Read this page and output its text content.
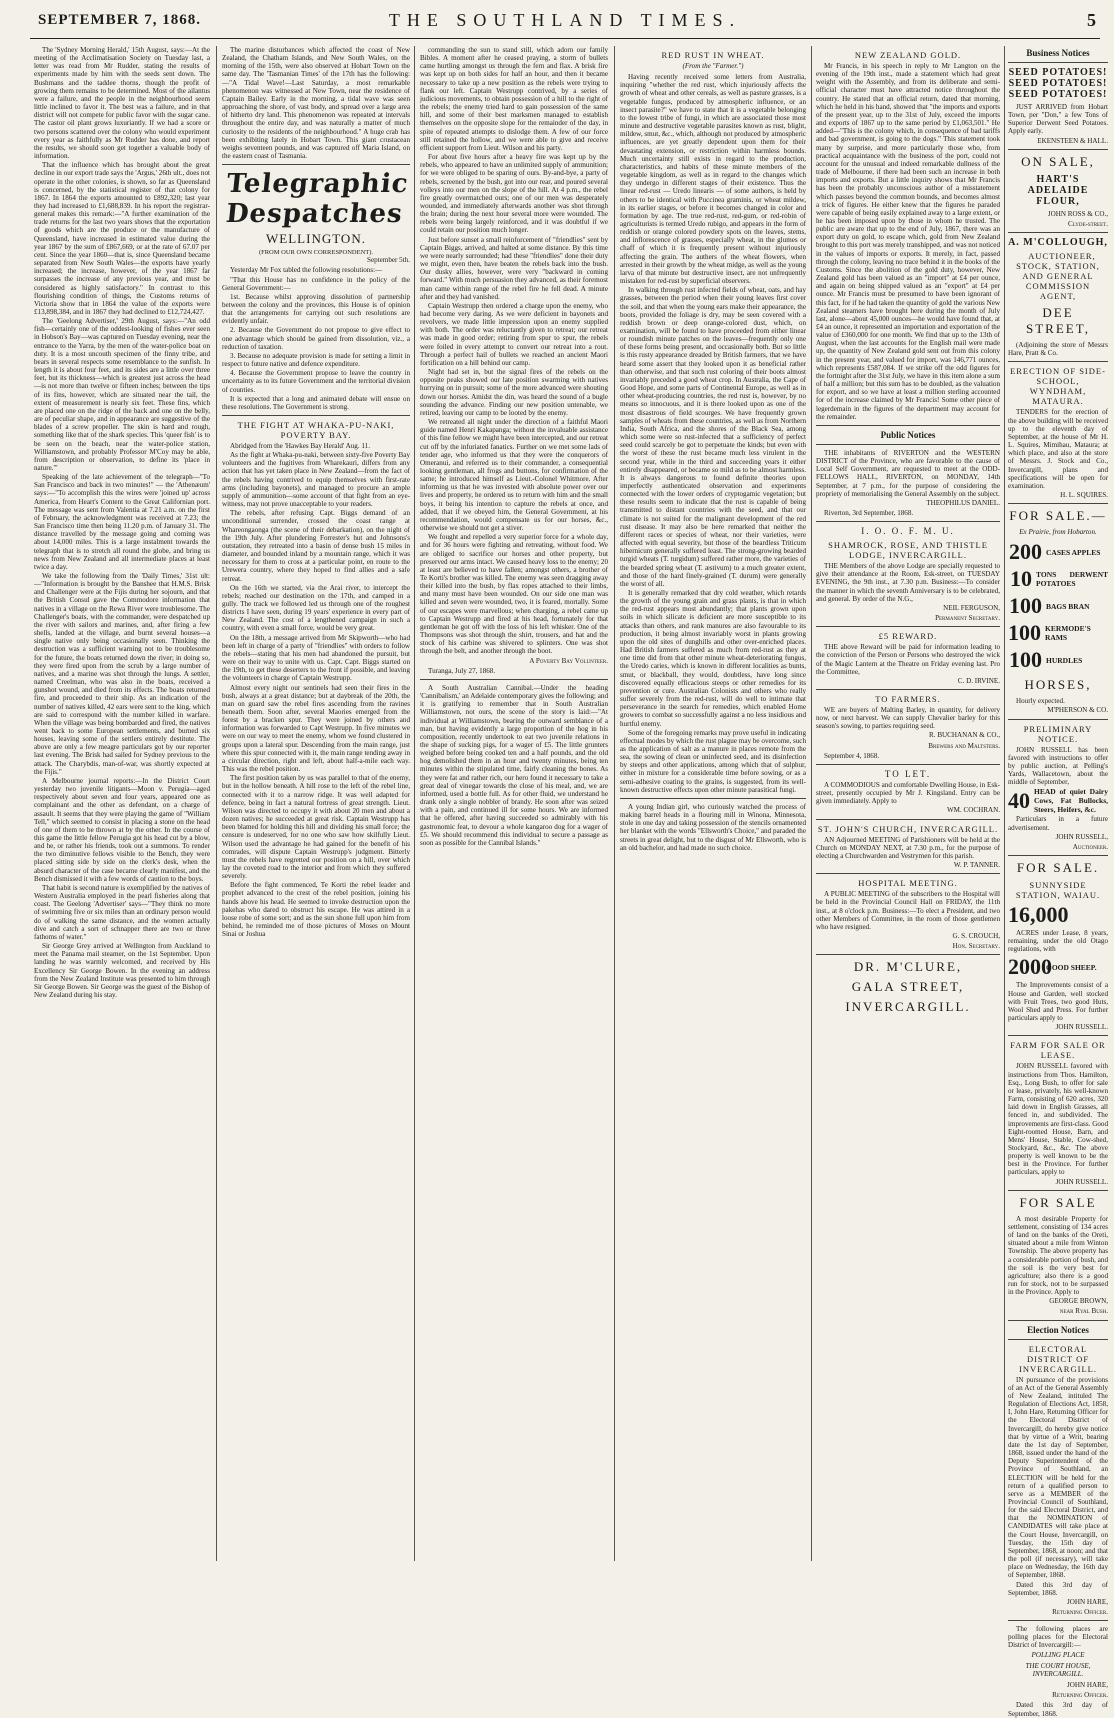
SEPTEMBER 7, 1868.	THE SOUTHLAND TIMES.	5

The 'Sydney Morning Herald,' 15th August, says:—At the meeting of the Acclimatisation Society on Tuesday last, a letter was read from Mr Rudder, stating the results of experiments made by him with the seeds sent down. The Bushmans and the taddee thorns, though the profit of growing them remains to be determined. Most of the ailantus were a failure, and the people in the neighbourhood seem little inclined to favor it. The best was a failure, and in that district will not compete for public favor with the sugar cane. The castor oil plant grows luxuriantly. If we had a score or two persons scattered over the colony who would experiment every year as faithfully as Mr Rudder has done, and report the results, we should soon get together a valuable body of information.

That the influence which has brought about the great decline in our export trade says the 'Argus,' 26th ult., does not operate in the other colonies, is shown, so far as Queensland is concerned, by the statistical register of that colony for 1867. In 1864 the exports amounted to £892,320; last year they had increased to £1,688,839. In his report the registrar-general makes this remark:—"A further examination of the trade returns for the last two years shows that the exportation of goods which are the produce or the manufacture of Queensland, have increased in estimated value during the year 1867 by the sum of £867,669, or at the rate of 67.07 per cent. Since the year 1860—that is, since Queensland became separated from New South Wales—the exports have yearly increased; the increase, however, of the year 1867 far surpasses the increase of any previous year, and must be considered as highly satisfactory." In contrast to this flourishing condition of things, the Customs returns of Victoria show that in 1864 the value of the exports were £13,898,384, and in 1867 they had declined to £12,724,427.

The 'Geelong Advertiser,' 29th August, says:—"An odd fish—certainly one of the oddest-looking of fishes ever seen in Hobson's Bay—was captured on Tuesday evening, near the entrance to the Yarra, by the men of the water-police boat on duty. It is a most uncouth specimen of the finny tribe, and bears in several respects some resemblance to the sunfish. In length it is about four feet, and its sides are a little over three feet, but its thickness—which is greatest just across the head—is not more than twelve or fifteen inches; between the tips of its fins, however, which are situated near the tail, the extent of measurement is nearly six feet. These fins, which are placed one on the ridge of the back and one on the belly, are of peculiar shape, and in appearance are suggestive of the blades of a screw propeller. The skin is hard and rough, something like that of the shark species. This 'queer fish' is to be seen on the beach, near the water-police station, Williamstown, and probably Professor M'Coy may be able, from description or observation, to define its 'place in nature.'"

Speaking of the late achievement of the telegraph—"To San Francisco and back in two minutes!" — the 'Athenæum' says:—"To accomplish this the wires were 'joined up' across America, from Heart's Content to the Great Californian port. The message was sent from Valentia at 7.21 a.m. on the first of February, the acknowledgment was received at 7.23; the San Francisco time then being 11.20 p.m. of January 31. The distance travelled by the message going and coming was about 14,000 miles. This is a large instalment towards the telegraph that is to stretch all round the globe, and bring us news from New Zealand and all intermediate places at least twice a day.

We take the following from the 'Daily Times,' 31st ult:—"Information is brought by the Banshee that H.M.S. Brisk and Challenger were at the Fijis during her sojourn, and that the British Consul gave the Commodore information that natives in a village on the Rewa River were troublesome. The Challenger's boats, with the commander, were despatched up the river with sailors and marines, and, after firing a few shells, landed at the village, and burnt several houses—a single native only being occasionally seen. Thinking the destruction was a sufficient warning not to be troublesome for the future, the boats returned down the river; in doing so, they were fired upon from the scrub by a large number of natives, and a marine was shot through the lungs. A settler, named Creelman, who was also in the boats, received a gunshot wound, and died from its effects. The boats returned fire, and proceeded to their ship. As an indication of the number of natives killed, 42 ears were sent to the king, which are said to correspond with the number killed in warfare. When the village was being bombarded and fired, the natives went back to some European settlements, and burned six houses, leaving some of the settlers entirely destitute. The above are only a few meagre particulars got by our reporter last evening. The Brisk had sailed for Sydney previous to the attack. The Charybdis, man-of-war, was shortly expected at the Fijis."

A Melbourne journal reports:—In the District Court yesterday two juvenile litigants—Moon v. Perugia—aged respectively about seven and four years, appeared one as complainant and the other as defendant, on a charge of assault. It seems that they were playing the game of "William Tell," which seemed to consist in placing a stone on the head of one of them to be thrown at by the other. In the course of this game the little fellow Perugia got his head cut by a blow, and he, or rather his friends, took out a summons. To render the two diminutive fellows visible to the Bench, they were placed sitting side by side on the clerk's desk, when the absurd character of the case became clearly manifest, and the Bench dismissed it with a few words of caution to the boys.

That habit is second nature is exemplified by the natives of Western Australia employed in the pearl fisheries along that coast. The Geelong 'Advertiser' says—"They think no more of swimming five or six miles than an ordinary person would do of walking the same distance, and the women actually dive and catch a sort of schnapper there are two or three fathoms of water."

Sir George Grey arrived at Wellington from Auckland to meet the Panama mail steamer, on the 1st September. Upon landing he was warmly welcomed, and received by His Excellency Sir George Bowen. In the evening an address from the New Zealand Institute was presented to him through Sir George Bowen. Sir George was the guest of the Bishop of New Zealand during his stay.

The marine disturbances which affected the coast of New Zealand, the Chatham Islands, and New South Wales, on the morning of the 15th, were also observed at Hobart Town on the same day. The 'Tasmanian Times' of the 17th has the following:—"A Tidal Wave!—Last Saturday, a most remarkable phenomenon was witnessed at New Town, near the residence of Captain Bailey. Early in the morning, a tidal wave was seen approaching the shore, of vast body, and spread over a large area of hitherto dry land. This phenomenon was repeated at intervals throughout the entire day, and was naturally a matter of much curiosity to the residents of the neighbourhood." A huge crab has been exhibiting lately in Hobart Town. This giant crustacean weighs seventeen pounds, and was captured off Maria Island, on the eastern coast of Tasmania.

Telegraphic Despatches
WELLINGTON.
(FROM OUR OWN CORRESPONDENT).
September 5th.

Yesterday Mr Fox tabled the following resolutions:—

"That this House has no confidence in the policy of the General Government:—

1st. Because whilst approving dissolution of partnership between the colony and the provinces, this House is of opinion that the arrangements for carrying out such resolutions are evidently unfair.

2. Because the Government do not propose to give effect to one advantage which should be gained from dissolution, viz., a reduction of taxation.

3. Because no adequate provision is made for setting a limit in respect to future native and defence expenditure.

4. Because the Government propose to leave the country in uncertainty as to its future Government and the territorial division of counties.

It is expected that a long and animated debate will ensue on these resolutions. The Government is strong.

THE FIGHT AT WHAKA-PU-NAKI, POVERTY BAY.

Abridged from the 'Hawkes Bay Herald' Aug. 11.

As the fight at Whaka-pu-naki, between sixty-five Poverty Bay volunteers and the fugitives from Wharekauri, differs from any action that has yet taken place in New Zealand—from the fact of the rebels having contrived to equip themselves with first-rate arms (including bayonets), and managed to procure an ample supply of ammunition—some account of that fight from an eye-witness, may not prove unacceptable to your readers.

The rebels, after refusing Capt. Biggs demand of an unconditional surrender, crossed the coast range at Whareongaonga (the scene of their debarkation), on the night of the 19th July. After plundering Forrester's hut and Johnsons's outstation, they retreated into a basin of dense bush 15 miles in diameter, and bounded inland by a mountain range, which it was necessary for them to cross at a particular point, en route to the Urewera country, where they hoped to find allies and a safe retreat.

On the 16th we started, via the Arai river, to intercept the rebels; reached our destination on the 17th, and camped in a gully. The track we followed led us through one of the roughest districts I have seen, during 19 years' experience in every part of New Zealand. The cost of a lengthened campaign in such a country, with even a small force, would be very great.

On the 18th, a message arrived from Mr Skipworth—who had been left in charge of a party of "friendlies" with orders to follow the rebels—stating that his men had abandoned the pursuit, but were on their way to unite with us. Capt. Capt. Biggs started on the 19th, to get these deserters to the front if possible, and leaving the volunteers in charge of Captain Westrupp.

Almost every night our sentinels had seen their fires in the bush, always at a great distance; but at daybreak of the 20th, the man on guard saw the rebel fires ascending from the ravines beneath them. Soon after, several Maories emerged from the forest by a bracken spur. They were joined by others and information was forwarded to Capt Westrupp. In five minutes we were on our way to meet the enemy, whom we found clustered in groups upon a lateral spur. Descending from the main range, just where this spur connected with it, the main range tending away in a circular direction, right and left, about half-a-mile each way. This was the rebel position.

The first position taken by us was parallel to that of the enemy, but in the hollow beneath. A hill rose to the left of the rebel line, connected with it to a narrow ridge. It was well adapted for defence, being in fact a natural fortress of great strength. Lieut. Wilson was directed to occupy it with about 20 men and about a dozen natives; he succeeded at great risk. Captain Westrupp has been blamed for holding this hill and dividing his small force; the censure is undeserved, for no one who saw how skilfully Lieut. Wilson used the advantage he had gained for the benefit of his comrades, will dispute Captain Westrupp's judgment. Bitterly must the rebels have regretted our position on a hill, over which lay the coveted road to the interior and from which they suffered severely.

Before the fight commenced, Te Korti the rebel leader and prophet advanced to the crest of the rebel position, joining his hands above his head. He seemed to invoke destruction upon the pakehas who dared to obstruct his escape. He was attired in a loose robe of some sort; and as the sun shone full upon him from behind, he reminded me of those pictures of Moses on Mount Sinai or Joshua

commanding the sun to stand still, which adorn our family Bibles. A moment after he ceased praying, a storm of bullets came hurtling amongst us through the fern and flax. A brisk fire was kept up on both sides for half an hour, and then it became necessary to take up a new position as the rebels were trying to flank our left. Captain Westrupp contrived, by a series of judicious movements, to obtain possession of a hill to the right of the rebels; the enemy tried hard to gain possession of the same hill, and some of their best marksmen managed to establish themselves on the opposite slope for the remainder of the day, in spite of repeated attempts to dislodge them. A few of our force still retained the hollow, and we were able to give and receive efficient support from Lieut. Wilson and his party.

For about five hours after a heavy fire was kept up by the rebels, who appeared to have an unlimited supply of ammunition; for we were obliged to be sparing of ours. By-and-bye, a party of rebels, screened by the bush, got into our rear, and poured several volleys into our men on the slope of the hill. At 4 p.m., the rebel fire greatly overmatched ours; one of our men was desperately wounded, and immediately afterwards another was shot through the brain; during the next hour several more were wounded. The rebels were being largely reinforced, and it was doubtful if we could retain our position much longer.

Just before sunset a small reinforcement of "friendlies" sent by Captain Biggs, arrived, and halted at some distance. By this time we were nearly surrounded; had these "friendlies" done their duty we might, even then, have beaten the rebels back into the bush. Our dusky allies, however, were very "backward in coming forward." With much persuasion they advanced, as their foremost man came within range of the rebel fire he fell dead. A minute after and they had vanished.

Captain Westrupp then ordered a charge upon the enemy, who had become very daring. As we were deficient in bayonets and revolvers, we made little impression upon an enemy supplied with both. The order was reluctantly given to retreat; our retreat was made in good order; retiring from spur to spur, the rebels were foiled in every attempt to convert our retreat into a rout. Through a perfect hail of bullets we reached an ancient Maori fortification on a hill behind our camp.

Night had set in, but the signal fires of the rebels on the opposite peaks showed our late position swarming with natives hurrying on in pursuit; some of the more advanced were shouting down our horses. Amidst the din, was heard the sound of a bugle sounding the advance. Finding our new position untenable, we retired, leaving our camp to be looted by the enemy.

We retreated all night under the direction of a faithful Maori guide named Henri Kakapanga; without the invaluable assistance of this fine fellow we might have been intercepted, and our retreat cut off by the infuriated fanatics. Further on we met some lads of tender age, who informed us that they were the conquerors of Omeranui, and referred us to their commander, a consequential looking gentleman, all frogs and buttons, for confirmation of the same; he introduced himself as Lieut.-Colonel Whitmore. After informing us that he was invested with absolute power over our lives and property, he ordered us to return with him and the small boys, it being his intention to capture the rebels at once, and added, that if we obeyed him, the General Government, at his recommendation, would compensate us for our horses, &c., otherwise we should not get a stiver.

We fought and repelled a very superior force for a whole day, and for 36 hours were fighting and retreating, without food. We are obliged to sacrifice our horses and other property, but preserved our arms intact. We caused heavy loss to the enemy; 20 at least are believed to have fallen; amongst others, a brother of Te Korti's brother was killed. The enemy was seen dragging away their killed into the bush, by flax ropes attached to their limbs, and many must have been wounded. On our side one man was killed and seven were wounded, two, it is feared, mortally. Some of our escapes were marvellous; when charging, a rebel came up to Captain Westrupp and fired at his head, fortunately for that gentleman he got off with the loss of his left whisker. One of the Thompsons was shot through the shirt, trousers, and hat and the stock of his carbine was shivered to splinters. One was shot through the belt, and another through the boot.

A Poverty Bay Volunteer.

Turanga, July 27, 1868.

A South Australian Cannibal.—Under the heading 'Cannibalism,' an Adelaide contemporary gives the following; and it is gratifying to remember that in South Australian Williamstown, not ours, the scene of the story is laid:—"At individual at Williamstown, bearing the outward semblance of a man, but having evidently a large proportion of the hog in his composition, recently undertook to eat two juvenile relations in the shape of sucking pigs, for a wager of £5. The little grunters weighed before being cooked ten and a half pounds, and the old hog demolished them in an hour and twenty minutes, being ten minutes within the stipulated time, fairly cleaning the bones. As they were fat and rather rich, our hero found it necessary to take a great deal of vinegar towards the close of his meal, and, we are informed, used a bottle full. As for other fluid, we understand he drank only a single nobbler of brandy. He soon after was seized with a pain, and continued ill for some hours. We are informed that he offered, after having succeeded so admirably with his gastronomic feat, to devour a whole kangaroo dog for a wager of £5. We should recommend this individual to secure a passage as soon as possible for the Cannibal Islands."

RED RUST IN WHEAT.
(From the "Farmer.")

Having recently received some letters from Australia, inquiring "whether the red rust, which injuriously affects the growth of wheat and other cereals, as well as pasture grasses, is a vegetable fungus, produced by atmospheric influence, or an insect parasite?" we have to state that it is a vegetable belonging to the lowest tribe of fungi, in which are associated those most minute and destructive vegetable parasites known as rust, blight, mildew, smut, &c., which, although not produced by atmospheric influences, are yet greatly dependent upon them for their devastating extension, or restriction within harmless bounds. Much uncertainty still exists in regard to the production, characteristics, and habits of these minute members of the vegetable kingdom, as well as in regard to the changes which they undergo in different stages of their existence. Thus the linear red-rust — Uredo linearis — of some authors, is held by others to be identical with Puccinea graminis, or wheat mildew, in its earlier stages, or before it becomes changed in color and formation by age. The true red-rust, red-gum, or red-robin of agriculturists is termed Uredo rubigo, and appears in the form of reddish or orange colored powdery spots on the leaves, stems, and inflorescence of grasses, especially wheat, in the glumes or chaff of which it is frequently present without injuriously affecting the grain. The authers of the wheat flowers, when arrested in their growth by the wheat midge, as well as the young larva of that minute but destructive insect, are not unfrequently mistaken for red-rust by superficial observers.

In walking through rust infected fields of wheat, oats, and hay grasses, between the period when their young leaves first cover the soil, and that when the young ears make their appearance, the boots, provided the foliage is dry, may be seen covered with a reddish brown or deep orange-colored dust, which, on examination, will be found to have proceeded from either linear or roundish minute patches on the leaves—frequently only one of these forms being present, and occasionally both. But so little is this rusty appearance dreaded by British farmers, that we have heard some assert that they looked upon it as beneficial rather than otherwise, and that such rust coloring of their boots almost invariably preceded a good wheat crop. In Australia, the Cape of Good Hope, and some parts of Continental Europe, as well as in other wheat-producing countries, the red rust is, however, by no means so innocuous, and it is there looked upon as one of the most disastrous of field scourges. We have frequently grown samples of wheats from these countries, as well as from Northern India, South Africa, and the shores of the Black Sea, among which some were so rust-infected that a sufficiency of perfect seed could scarcely be got to perpetuate the kinds; but even with the worst of these the rust became much less virulent in the second year, while in the third and succeeding years it either entirely disappeared, or became so mild as to be almost harmless. It is always dangerous to found definite theories upon imperfectly authenticated observation and experiments connected with the lower orders of cryptogamic vegetation; but these results seem to indicate that the rust is capable of being transmitted to distant countries with the seed, and that our climate is not suited for the malignant development of the red rust disease. It may also be here remarked that neither the different races or species of wheat, nor their varieties, were affected with equal severity, but those of the beardless Triticum hibernicum generally suffered least. The strong-growing bearded turgid wheats (T. turgidum) suffered rather more, the varieties of the bearded spring wheat (T. æstivum) to a much greater extent, and those of the hard finely-grained (T. durum) were generally the worst of all.

It is generally remarked that dry cold weather, which retards the growth of the young grain and grass plants, is that in which the red-rust appears most abundantly; that plants grown upon soils in which silicate is deficient are more susceptible to its attacks than others, and rank manures are also favourable to its production, it being almost invariably worst in plants growing upon the old sites of dunghills and other over-enriched places. Had British farmers suffered as much from red-rust as they at one time did from that other minute wheat-deteriorating fungus, the Uredo caries, which is known in different localities as bunts, smut, or blackball, they would, doubtless, have long since discovered equally efficacious steeps or other remedies for its prevention or cure. Australian Colonists and others who really suffer severely from the red-rust, will do well to intimate that perseverance in the search for remedies, which enabled Home growers to combat so successfully against a no less insidious and hurtful enemy.

Some of the foregoing remarks may prove useful in indicating effectual modes by which the rust plague may be overcome, such as the application of salt as a manure in places remote from the sea, the sowing of clean or uninfected seed, and its disinfection by steeps and other applications, among which that of sulphur, either in mixture for a considerable time before sowing, or as a semi-adhesive coating to the grains, is suggested, from its well-known destructive effects upon other minute parasitical fungi.

A young Indian girl, who curiously watched the process of making barrel heads in a flouring mill in Winona, Minnesota, stole in one day and taking possession of the stencils ornamented her blanket with the words "Ellsworth's Choice," and paraded the streets in great delight, but to the disgust of Mr Ellsworth, who is an old bachelor, and had made no such choice.

NEW ZEALAND GOLD.

Mr Francis, in his speech in reply to Mr Langton on the evening of the 19th inst., made a statement which had great weight with the Assembly, and from its deliberate and semi-official character must have attracted notice throughout the country. He stated that an official return, dated that morning, which he held in his hand, showed that "the imports and exports of the present year, up to the 31st of July, exceed the imports and exports of 1867 up to the same period by £1,063,501." He added—"This is the colony which, in consequence of bad tariffs and bad government, is going to the dogs." This statement took many by surprise, and more particularly those who, from practical acquaintance with the business of the port, could not account for the unusual and indeed remarkable dullness of the trade of Melbourne, if there had been such an increase in both imports and exports. But a little inquiry shows that Mr Francis has been the probably unconscious author of a misstatement which passes beyond the common bounds, and becomes almost a trick of figures. He either knew that the figures he paraded were capable of being easily explained away to a large extent, or he has been imposed upon by those in whom he trusted. The public are aware that up to the end of July, 1867, there was an export duty on gold, to escape which, gold from New Zealand brought to this port was merely transhipped, and was not noticed in the values of imports or exports. It merely, in fact, passed through the colony, leaving no trace behind it in the books of the Customs. Since the abolition of the gold duty, however, New Zealand gold has been valued as an "import" at £4 per ounce, and again on being shipped valued as an "export" at £4 per ounce. Mr Francis must be presumed to have been ignorant of this fact, for if he had taken the quantity of gold the various New Zealand steamers have brought here during the month of July last, alone—about 45,000 ounces—he would have found that, at £4 an ounce, it represented an importation and exportation of the value of £360,000 for one month. We find that up to the 13th of August, when the last accounts for the English mail were made up, the quantity of New Zealand gold sent out from this colony in the present year, and valued for import, was 146,771 ounces, which represents £587,084. If we strike off the odd figures for the fortnight after the 31st July, we have in this item alone a sum of half a million; but this sum has to be doubled, as the valuation for export, and so we have at least a million sterling accounted for of the increase claimed by Mr Francis! Some other piece of legerdemain in the figures of the department may account for the remainder.

Public Notices

THE inhabitants of RIVERTON and the WESTERN DISTRICT of the Province, who are favorable to the cause of Local Self Government, are requested to meet at the ODD-FELLOWS HALL, RIVERTON, on MONDAY, 14th September, at 7 p.m., for the purpose of considering the propriety of memorialising the General Assembly on the subject.

THEOPHILUS DANIEL.

Riverton, 3rd September, 1868.

I. O. O. F. M. U.
SHAMROCK, ROSE, AND THISTLE LODGE, INVERCARGILL.

THE Members of the above Lodge are specially requested to give their attendance at the Room, Esk-street, on TUESDAY EVENING, the 9th inst., at 7.30 p.m. Business:—To consider the manner in which the seventh Anniversary is to be celebrated, and general. By order of the N.G.,

NEIL FERGUSON,
Permanent Secretary.
£5 REWARD.

THE above Reward will be paid for information leading to the conviction of the Person or Persons who destroyed the wick of the Magic Lantern at the Theatre on Friday evening last. Pro the Committee,

C. D. IRVINE.
TO FARMERS.

WE are buyers of Malting Barley, in quantity, for delivery now, or next harvest. We can supply Chevalier barley for this season's sowing, to parties requiring seed.

R. BUCHANAN & CO.,
Brewers and Maltsters.

September 4, 1868.

TO LET.

A COMMODIOUS and comfortable Dwelling House, in Esk-street, presently occupied by Mr J. Kingsland. Entry can be given immediately. Apply to

WM. COCHRAN.
ST. JOHN'S CHURCH, INVERCARGILL.

AN Adjourned MEETING of Parishioners will be held at the Church on MONDAY NEXT, at 7.30 p.m., for the purpose of electing a Churchwarden and Vestrymen for this parish.

W. P. TANNER.
HOSPITAL MEETING.

A PUBLIC MEETING of the subscribers to the Hospital will be held in the Provincial Council Hall on FRIDAY, the 11th inst., at 8 o'clock p.m. Business:—To elect a President, and two other Members of Committee, in the room of those gentlemen who have resigned.

G. S. CROUCH,
Hon. Secretary.
DR. M'CLURE,
GALA STREET,
INVERCARGILL.
Business Notices
SEED POTATOES! SEED POTATOES! SEED POTATOES!

JUST ARRIVED from Hobart Town, per "Don," a few Tons of Superior Derwent Seed Potatoes. Apply early.

EKENSTEEN & HALL.
ON SALE,
HART'S ADELAIDE FLOUR,
JOHN ROSS & CO.,
Clyde-street.
A. M'COLLOUGH,

AUCTIONEER, STOCK, STATION, AND GENERAL COMMISSION AGENT,

DEE STREET,

(Adjoining the store of Messrs Hare, Pratt & Co.

ERECTION OF SIDE-SCHOOL, WYNDHAM, MATAURA.

TENDERS for the erection of the above building will be received up to the eleventh day of September, at the house of Mr H. L. Squires, Mimihau, Mataura; at which place, and also at the store of Messrs. J. Stock and Co., Invercargill, plans and specifications will be open for examination.

H. L. SQUIRES.
FOR SALE.—
Ex Prairie, from Hobarton.
200 CASES APPLES
10 TONS DERWENT POTATOES
100 BAGS BRAN
100 KERMODE'S RAMS
100 HURDLES
HORSES,

Hourly expected.

M'PHERSON & CO.
PRELIMINARY NOTICE.

JOHN RUSSELL has been favored with instructions to offer by public auction, at Pelling's Yards, Wallacetown, about the middle of September,

40 HEAD of quiet Dairy Cows, Fat Bullocks, Steers, Heifers, &c.

Particulars in a future advertisement.

JOHN RUSSELL,
Auctioneer.
FOR SALE.
SUNNYSIDE STATION, WAIAU.
16,000

ACRES under Lease, 8 years, remaining, under the old Otago regulations, with

2000
GOOD SHEEP.

The Improvements consist of a House and Garden, well stocked with Fruit Trees, two good Huts, Wool Shed and Press. For further particulars apply to

JOHN RUSSELL.
FARM FOR SALE OR LEASE.

JOHN RUSSELL favored with instructions from Thos. Hamilton, Esq., Long Bush, to offer for sale or lease, privately, his well-known Farm, consisting of 620 acres, 320 laid down in English Grasses, all fenced in, and subdivided. The improvements are first-class. Good Eight-roomed House, Barn, and Mens' House, Stable, Cow-shed, Stockyard, &c., &c. The above property is well known to be the best in the Province. For further particulars, apply to

JOHN RUSSELL.
FOR SALE

A most desirable Property for settlement, consisting of 134 acres of land on the banks of the Oreti, situated about a mile from Winton Township. The above property has a considerable portion of bush, and the soil is the very best for agriculture; also there is a good run for stock, not to be surpassed in the Province. Apply to

GEORGE BROWN,
near Ryal Bush.
Election Notices
ELECTORAL DISTRICT OF INVERCARGILL.

IN pursuance of the provisions of an Act of the General Assembly of New Zealand, intituled The Regulation of Elections Act, 1858, I, John Hare, Returning Officer for the Electoral District of Invercargill, do hereby give notice that by virtue of a Writ, bearing date the 1st day of September, 1868, issued under the hand of the Deputy Superintendent of the Province of Southland, an ELECTION will be held for the return of a qualified person to serve as a MEMBER of the Provincial Council of Southland, for the said Electoral District, and that the NOMINATION of CANDIDATES will take place at the Court House, Invercargill, on Tuesday, the 15th day of September, 1868, at noon; and that the poll (if necessary), will take place on Wednesday, the 16th day of September, 1868.

Dated this 3rd day of September, 1868.

JOHN HARE,
Returning Officer.

The following places are polling places for the Electoral District of Invercargill:—

POLLING PLACE
THE COURT HOUSE, INVERCARGILL.
JOHN HARE,
Returning Officer.

Dated this 3rd day of September, 1868.
